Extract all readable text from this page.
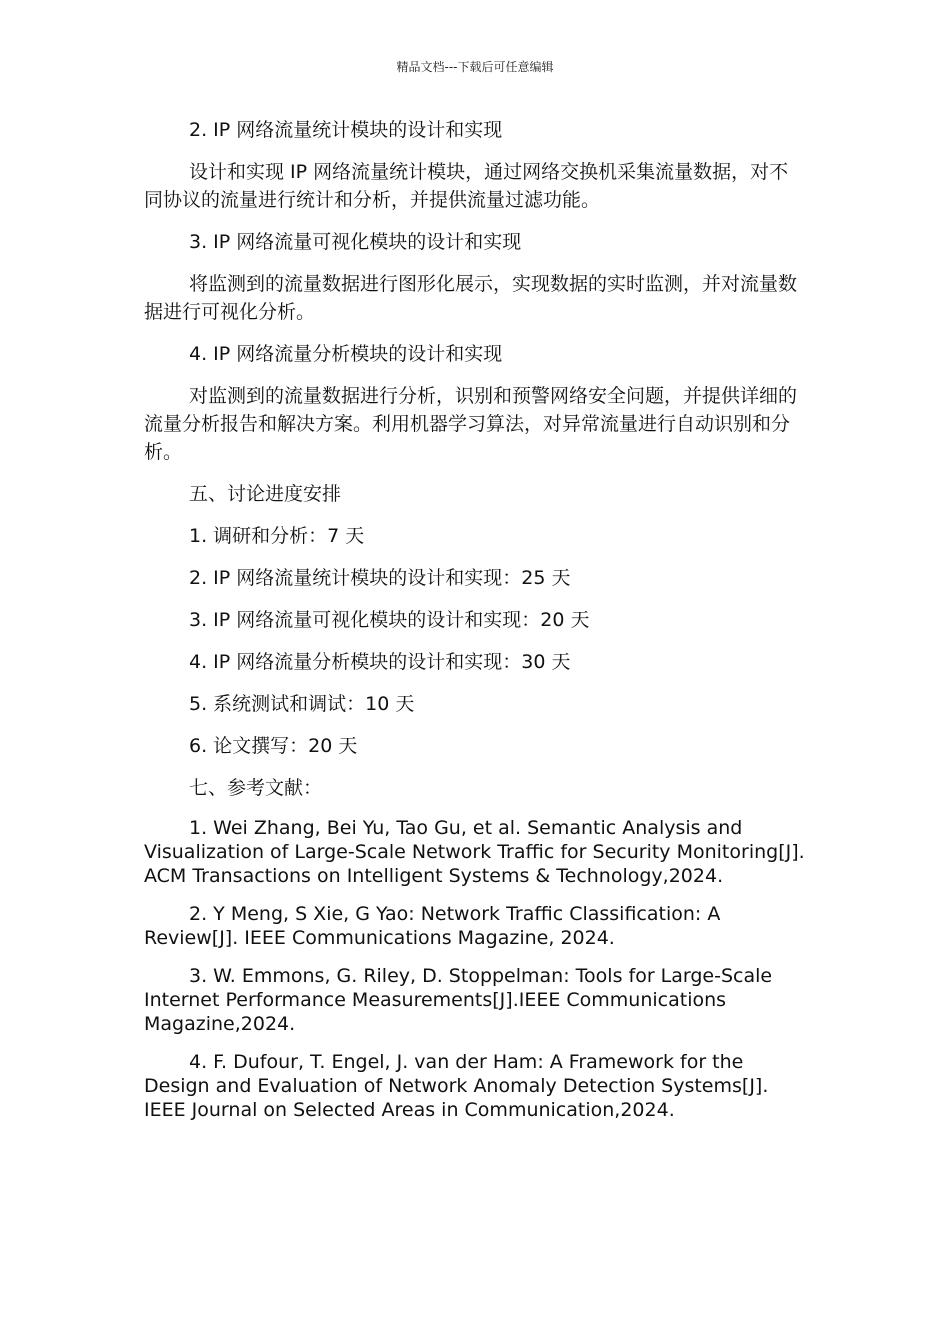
精品文档---下载后可任意编辑

2. IP 网络流量统计模块的设计和实现

设计和实现 IP 网络流量统计模块，通过网络交换机采集流量数据，对不同协议的流量进行统计和分析，并提供流量过滤功能。

3. IP 网络流量可视化模块的设计和实现

将监测到的流量数据进行图形化展示，实现数据的实时监测，并对流量数据进行可视化分析。

4. IP 网络流量分析模块的设计和实现

对监测到的流量数据进行分析，识别和预警网络安全问题，并提供详细的流量分析报告和解决方案。利用机器学习算法，对异常流量进行自动识别和分析。

五、讨论进度安排

1. 调研和分析：7 天

2. IP 网络流量统计模块的设计和实现：25 天

3. IP 网络流量可视化模块的设计和实现：20 天

4. IP 网络流量分析模块的设计和实现：30 天

5. 系统测试和调试：10 天

6. 论文撰写：20 天

七、参考文献：

1. Wei Zhang, Bei Yu, Tao Gu, et al. Semantic Analysis and Visualization of Large-Scale Network Traffic for Security Monitoring[J]. ACM Transactions on Intelligent Systems & Technology,2024.

2. Y Meng, S Xie, G Yao: Network Traffic Classification: A Review[J]. IEEE Communications Magazine, 2024.

3. W. Emmons, G. Riley, D. Stoppelman: Tools for Large-Scale Internet Performance Measurements[J].IEEE Communications Magazine,2024.

4. F. Dufour, T. Engel, J. van der Ham: A Framework for the Design and Evaluation of Network Anomaly Detection Systems[J]. IEEE Journal on Selected Areas in Communication,2024.
